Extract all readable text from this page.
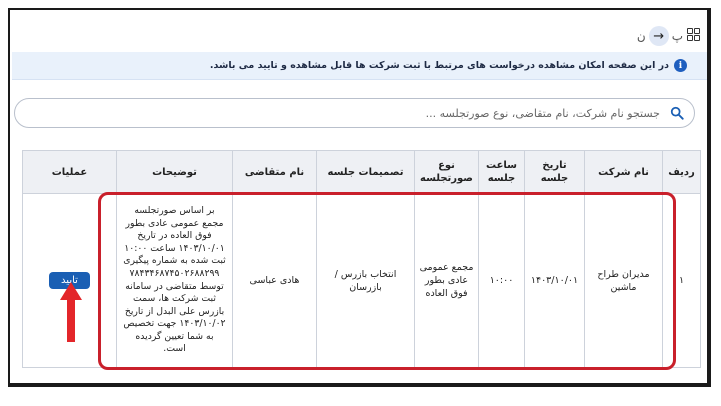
ن → پ
i
در این صفحه امکان مشاهده درخواست های مرتبط با ثبت شرکت ها قابل مشاهده و تایید می باشد.
جستجو نام شرکت، نام متقاضی، نوع صورتجلسه ...
ردیف	نام شرکت	تاریخ جلسه	ساعت جلسه	نوع صورتجلسه	تصمیمات جلسه	نام متقاضی	توضیحات	عملیات
۱	مدیران طراح ماشین	۱۴۰۳/۱۰/۰۱	۱۰:۰۰	مجمع عمومی عادی بطور فوق العاده	انتخاب بازرس / بازرسان	هادی عباسی	بر اساس صورتجلسه مجمع عمومی عادی بطور فوق العاده در تاریخ ۱۴۰۳/۱۰/۰۱ ساعت ۱۰:۰۰ ثبت شده به شماره پیگیری ۷۸۴۳۴۶۸۷۴۵۰۲۶۸۸۲۹۹ توسط متقاضی در سامانه ثبت شرکت ها، سمت بازرس علی البدل از تاریخ ۱۴۰۳/۱۰/۰۲ جهت تخصیص به شما تعیین گردیده است.	تایید
